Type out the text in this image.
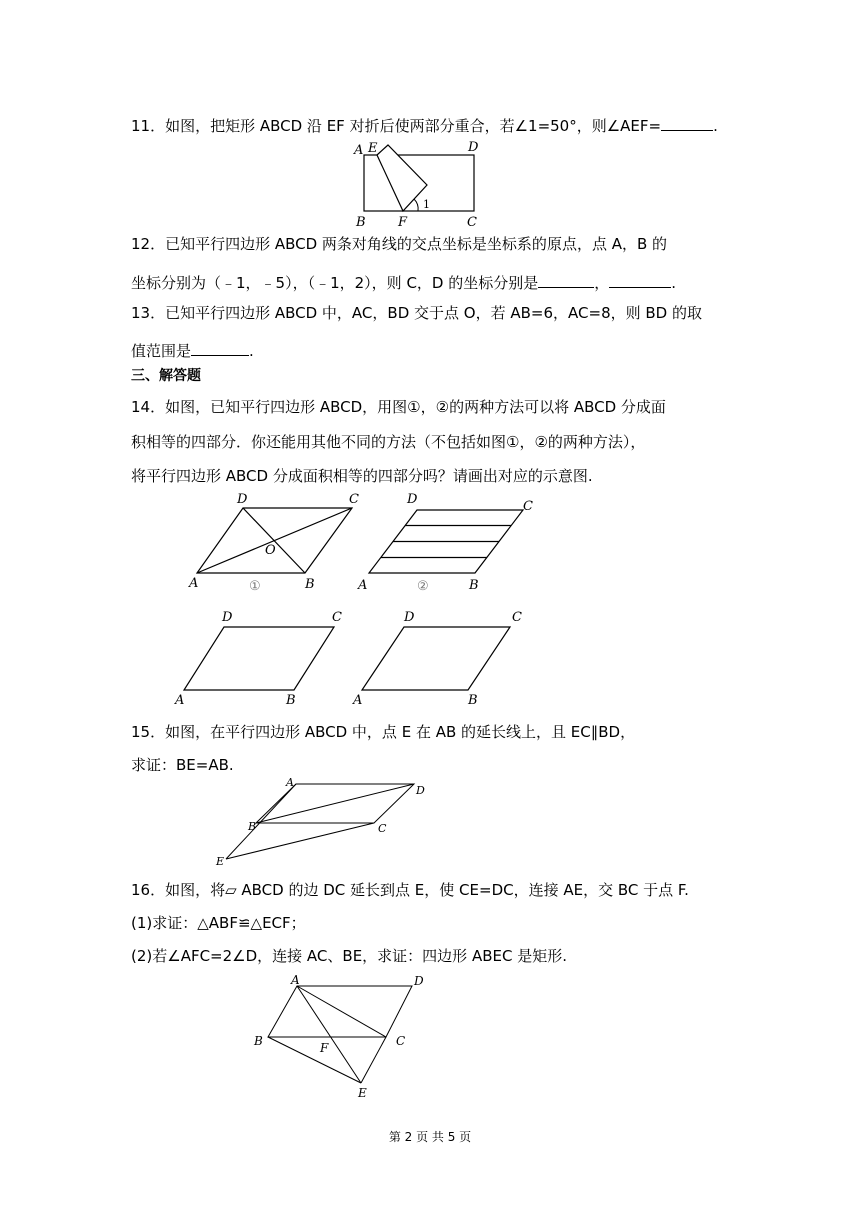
11．如图，把矩形 ABCD 沿 EF 对折后使两部分重合，若∠1=50°，则∠AEF=	.
A E	D
B F	C
1
12．已知平行四边形 ABCD 两条对角线的交点坐标是坐标系的原点，点 A，B 的
坐标分别为（﹣1，﹣5），（﹣1，2），则 C，D 的坐标分别是	，	.
13．已知平行四边形 ABCD 中，AC，BD 交于点 O，若 AB=6，AC=8，则 BD 的取
值范围是	.
三、解答题
14．如图，已知平行四边形 ABCD，用图①，②的两种方法可以将 ABCD 分成面
积相等的四部分．你还能用其他不同的方法（不包括如图①，②的两种方法），
将平行四边形 ABCD 分成面积相等的四部分吗？请画出对应的示意图.
D	C
O
A	B
①
D	C
A	B
②
D	C
A	B
D	C
A	B
15．如图，在平行四边形 ABCD 中，点 E 在 AB 的延长线上，且 EC∥BD，
求证：BE=AB.
A
D
B	C
E
16．如图，将▱ ABCD 的边 DC 延长到点 E，使 CE=DC，连接 AE，交 BC 于点 F.
(1)求证：△ABF≌△ECF；
(2)若∠AFC=2∠D，连接 AC、BE，求证：四边形 ABEC 是矩形.
A	D
B	F	C
E
第 2 页 共 5 页
